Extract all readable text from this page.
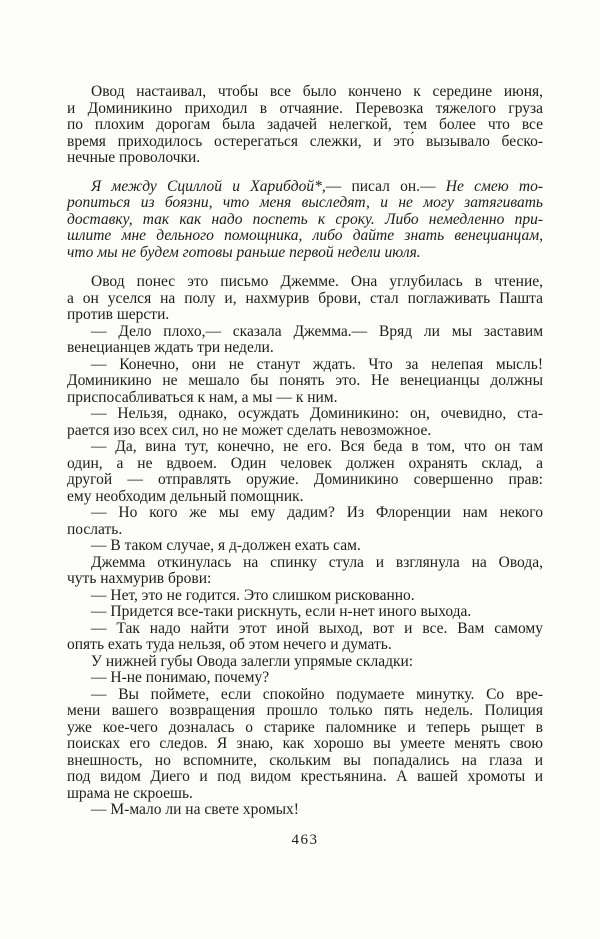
Овод настаивал, чтобы все было кончено к середине июня,
и Доминикино приходил в отчаяние. Перевозка тяжелого груза
по плохим дорогам была задачей нелегкой, тем более что все
время приходилось остерегаться слежки, и это́ вызывало беско-
нечные проволочки.
Я между Сциллой и Харибдой*,— писал он.— Не смею то-
ропиться из боязни, что меня выследят, и не могу затягивать
доставку, так как надо поспеть к сроку. Либо немедленно при-
шлите мне дельного помощника, либо дайте знать венецианцам,
что мы не будем готовы раньше первой недели июля.
Овод понес это письмо Джемме. Она углубилась в чтение,
а он уселся на полу и, нахмурив брови, стал поглаживать Пашта
против шерсти.
— Дело плохо,— сказала Джемма.— Вряд ли мы заставим
венецианцев ждать три недели.
— Конечно, они не станут ждать. Что за нелепая мысль!
Доминикино не мешало бы понять это. Не венецианцы должны
приспосабливаться к нам, а мы — к ним.
— Нельзя, однако, осуждать Доминикино: он, очевидно, ста-
рается изо всех сил, но не может сделать невозможное.
— Да, вина тут, конечно, не его. Вся беда в том, что он там
один, а не вдвоем. Один человек должен охранять склад, а
другой — отправлять оружие. Доминикино совершенно прав:
ему необходим дельный помощник.
— Но кого же мы ему дадим? Из Флоренции нам некого
послать.
— В таком случае, я д-должен ехать сам.
Джемма откинулась на спинку стула и взглянула на Овода,
чуть нахмурив брови:
— Нет, это не годится. Это слишком рискованно.
— Придется все-таки рискнуть, если н-нет иного выхода.
— Так надо найти этот иной выход, вот и все. Вам самому
опять ехать туда нельзя, об этом нечего и думать.
У нижней губы Овода залегли упрямые складки:
— Н-не понимаю, почему?
— Вы поймете, если спокойно подумаете минутку. Со вре-
мени вашего возвращения прошло только пять недель. Полиция
уже кое-чего дозналась о старике паломнике и теперь рыщет в
поисках его следов. Я знаю, как хорошо вы умеете менять свою
внешность, но вспомните, скольким вы попадались на глаза и
под видом Диего и под видом крестьянина. А вашей хромоты и
шрама не скроешь.
— М-мало ли на свете хромых!
463
